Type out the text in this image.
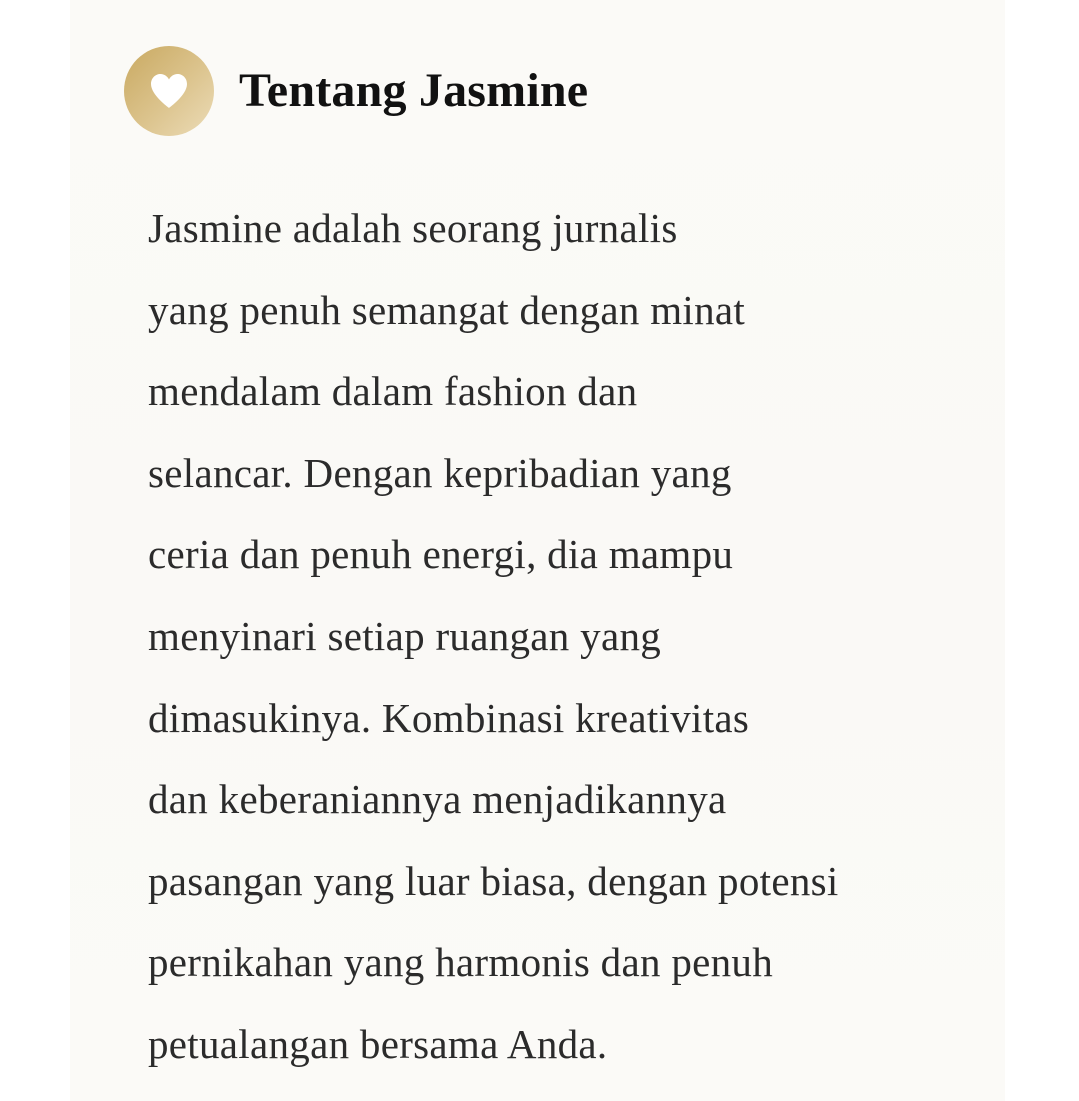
Tentang Jasmine
Jasmine adalah seorang jurnalis
yang penuh semangat dengan minat
mendalam dalam fashion dan
selancar. Dengan kepribadian yang
ceria dan penuh energi, dia mampu
menyinari setiap ruangan yang
dimasukinya. Kombinasi kreativitas
dan keberaniannya menjadikannya
pasangan yang luar biasa, dengan potensi
pernikahan yang harmonis dan penuh
petualangan bersama Anda.
